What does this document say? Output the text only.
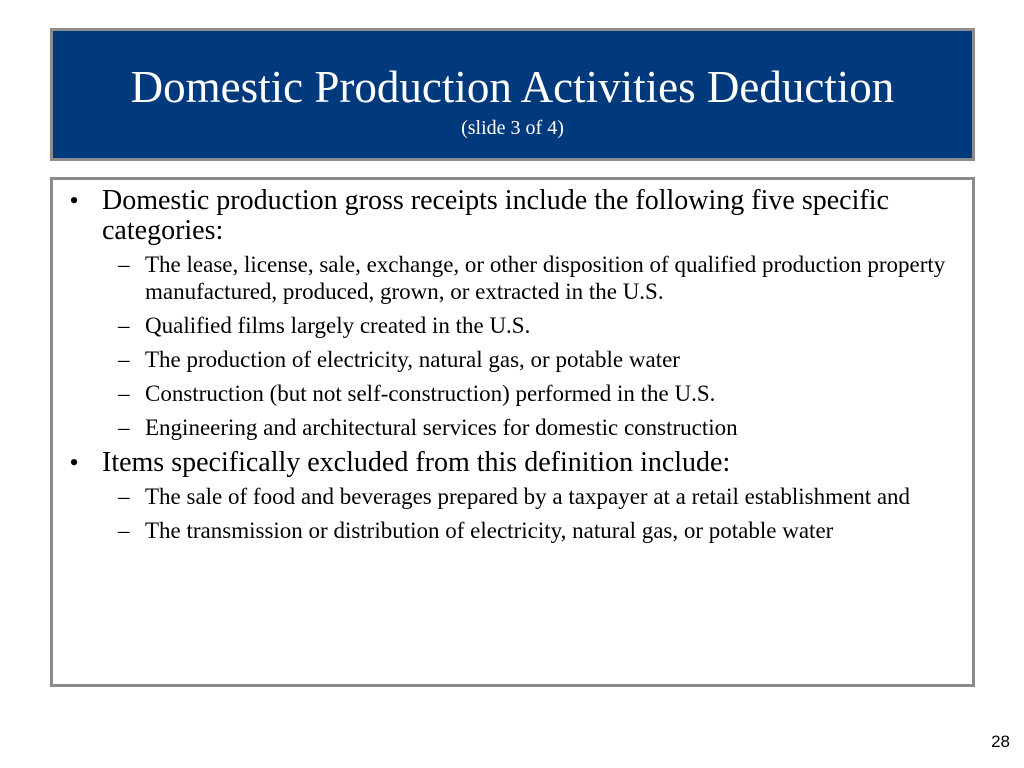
Domestic Production Activities Deduction
(slide 3 of 4)
• Domestic production gross receipts include the following five specific categories:
– The lease, license, sale, exchange, or other disposition of qualified production property manufactured, produced, grown, or extracted in the U.S.
– Qualified films largely created in the U.S.
– The production of electricity, natural gas, or potable water
– Construction (but not self-construction) performed in the U.S.
– Engineering and architectural services for domestic construction
• Items specifically excluded from this definition include:
– The sale of food and beverages prepared by a taxpayer at a retail establishment and
– The transmission or distribution of electricity, natural gas, or potable water
28
